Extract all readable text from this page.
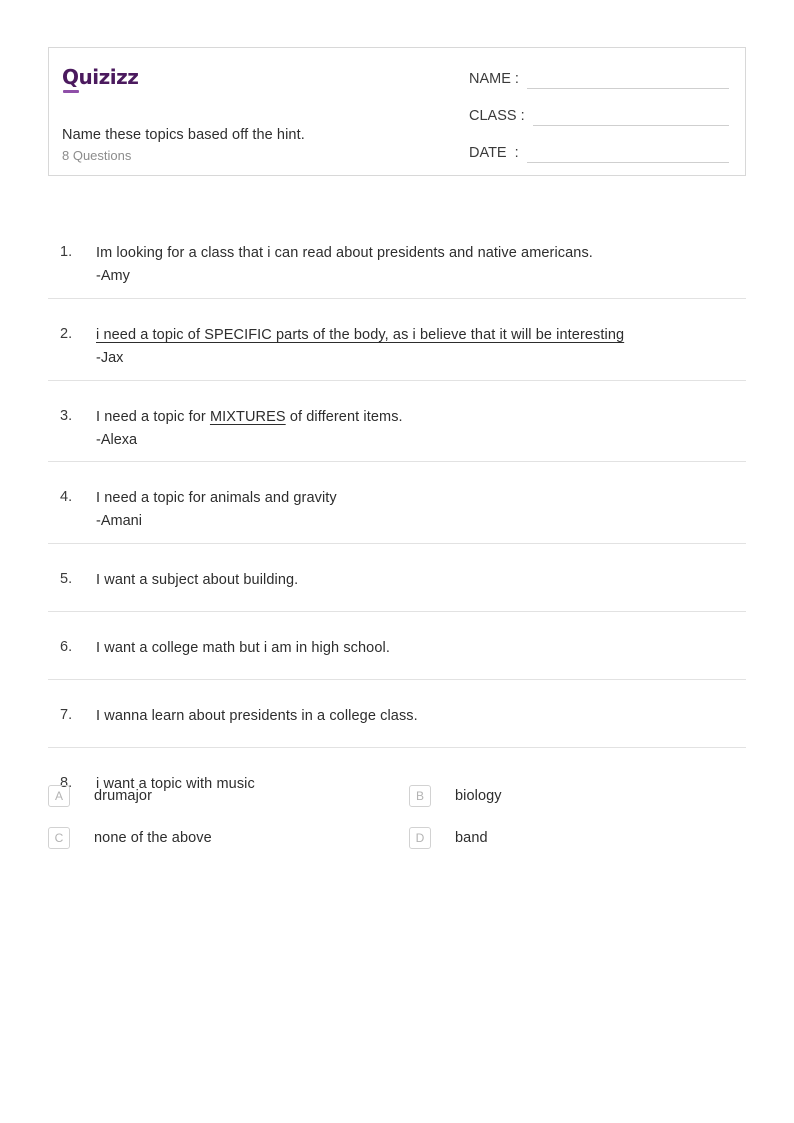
Quizizz
Name these topics based off the hint.
8 Questions
NAME :
CLASS :
DATE  :
1. Im looking for a class that i can read about presidents and native americans.
-Amy
2. i need a topic of SPECIFIC parts of the body, as i believe that it will be interesting
-Jax
3. I need a topic for MIXTURES of different items.
-Alexa
4. I need a topic for animals and gravity
-Amani
5. I want a subject about building.
6. I want a college math but i am in high school.
7. I wanna learn about presidents in a college class.
8. i want a topic with music
A	drumajor	B	biology
C	none of the above	D	band
